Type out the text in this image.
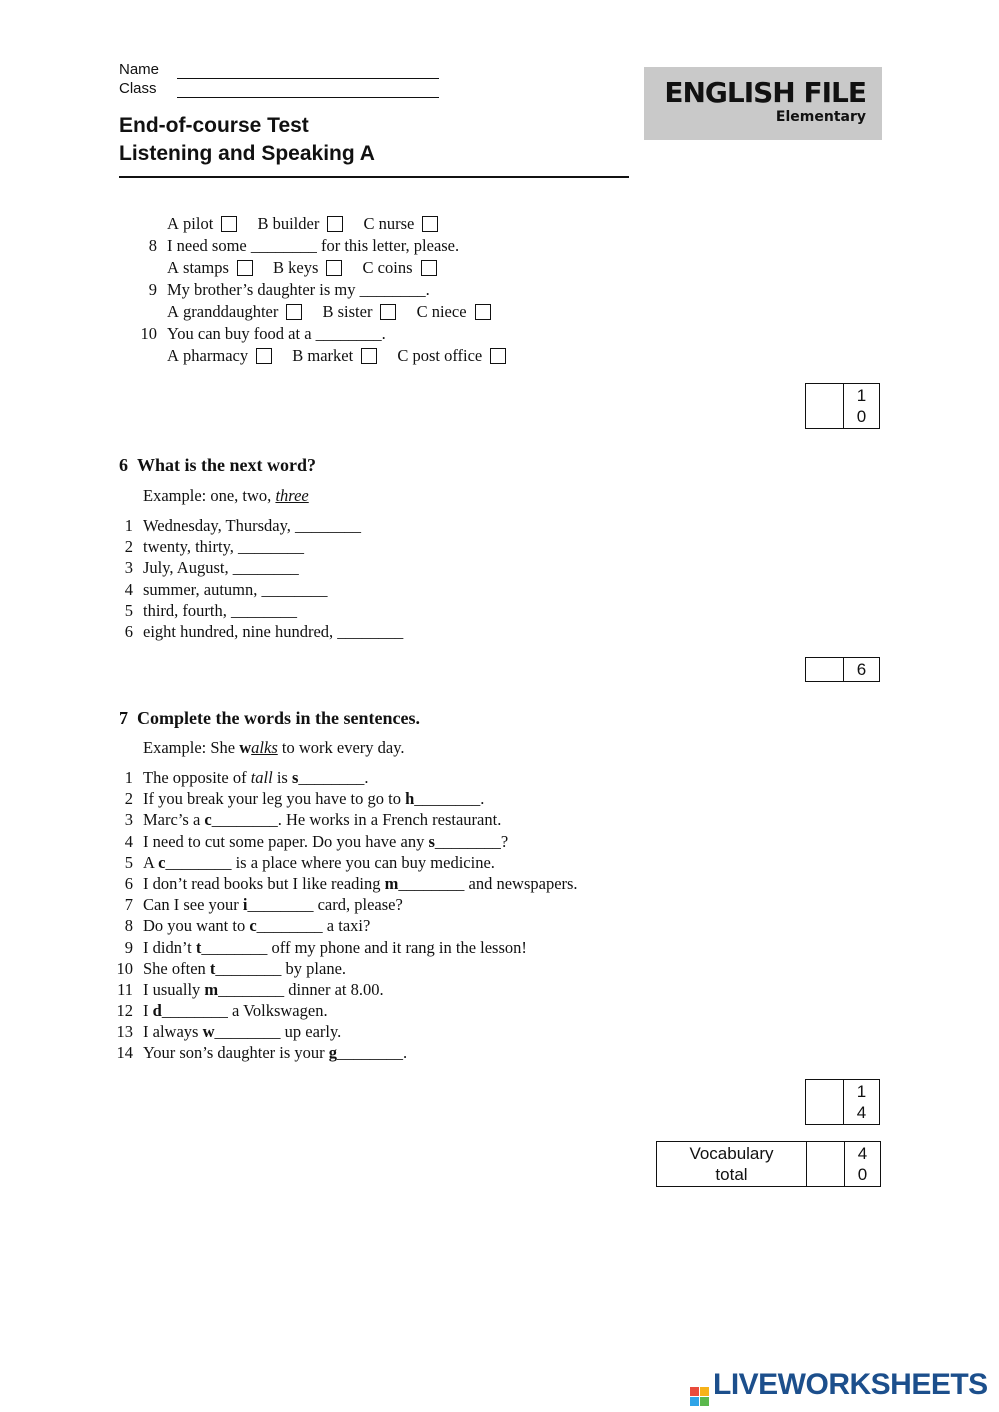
Name
Class
End-of-course Test
Listening and Speaking A
ENGLISH FILE
Elementary
A
pilot
	B
builder
	C
nurse
8 I need some ________ for this letter, please.
A
stamps
	B
keys
	C
coins
9 My brother’s daughter is my ________.
A
granddaughter
	B
sister
	C
niece
10 You can buy food at a ________.
A
pharmacy
	B
market
	C
post office
1
0
6 What is the next word?
Example: one, two, three
1 Wednesday, Thursday, ________
2 twenty, thirty, ________
3 July, August, ________
4 summer, autumn, ________
5 third, fourth, ________
6 eight hundred, nine hundred, ________
6
7 Complete the words in the sentences.
Example: She walks to work every day.
1 The opposite of tall is s________.
2 If you break your leg you have to go to h________.
3 Marc’s a c________. He works in a French restaurant.
4 I need to cut some paper. Do you have any s________?
5 A c________ is a place where you can buy medicine.
6 I don’t read books but I like reading m________ and newspapers.
7 Can I see your i________ card, please?
8 Do you want to c________ a taxi?
9 I didn’t t________ off my phone and it rang in the lesson!
10 She often t________ by plane.
11 I usually m________ dinner at 8.00.
12 I d________ a Volkswagen.
13 I always w________ up early.
14 Your son’s daughter is your g________.
1
4
Vocabulary
total
4
0
LIVEWORKSHEETS
